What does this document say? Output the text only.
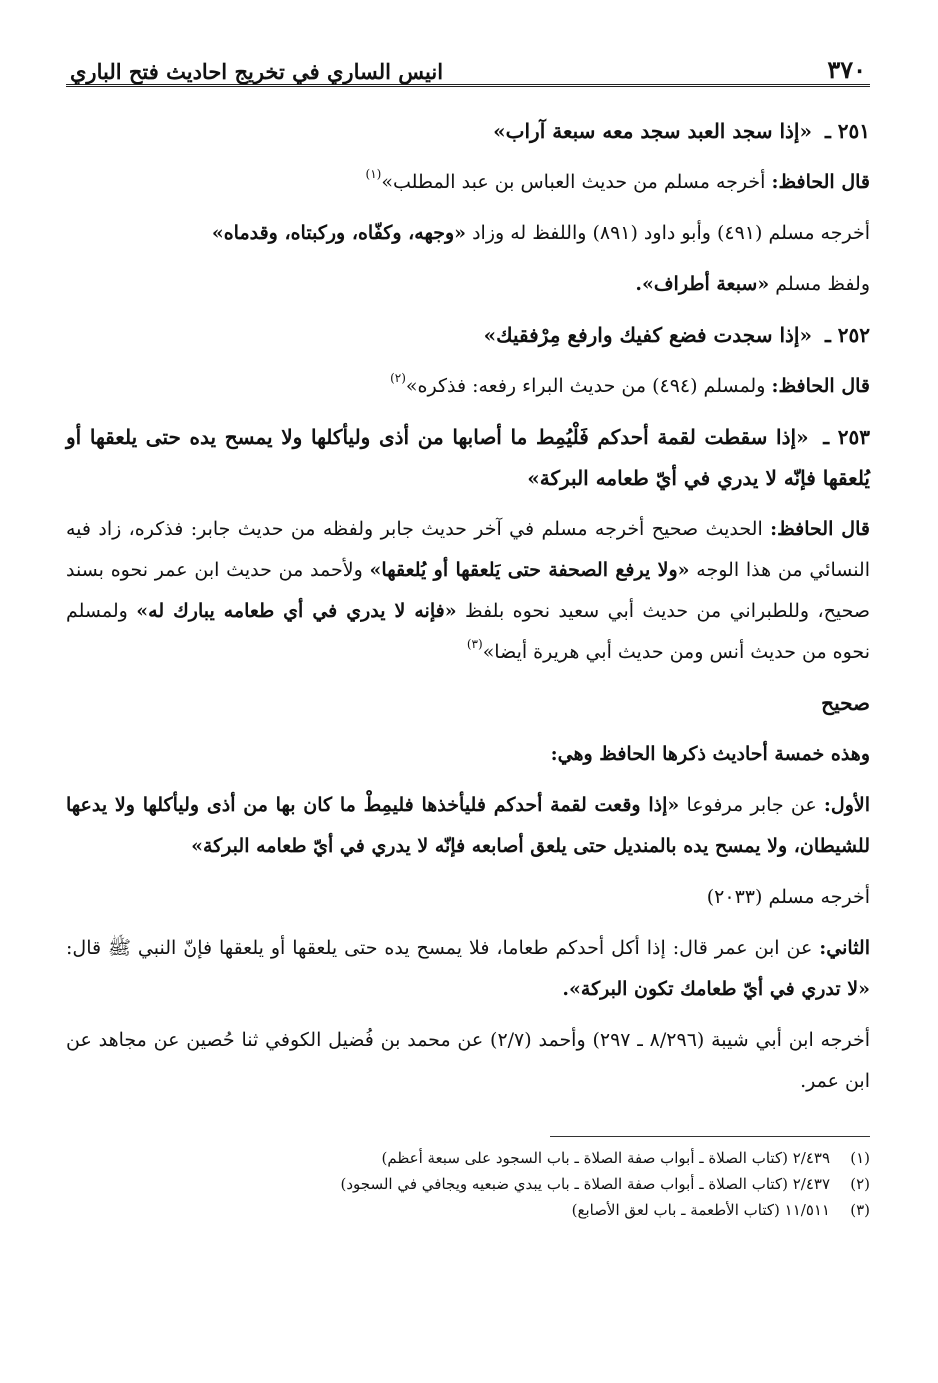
٣٧٠
انيس الساري في تخريج احاديث فتح الباري

٢٥١ ـ «إذا سجد العبد سجد معه سبعة آراب»

قال الحافظ: أخرجه مسلم من حديث العباس بن عبد المطلب»$^{(١)}$

أخرجه مسلم (٤٩١) وأبو داود (٨٩١) واللفظ له وزاد «وجهه، وكفّاه، وركبتاه، وقدماه»

ولفظ مسلم «سبعة أطراف».

٢٥٢ ـ «إذا سجدت فضع كفيك وارفع مِرْفقيك»

قال الحافظ: ولمسلم (٤٩٤) من حديث البراء رفعه: فذكره»$^{(٢)}$

٢٥٣ ـ «إذا سقطت لقمة أحدكم فَلْيُمِط ما أصابها من أذى وليأكلها ولا يمسح يده حتى يلعقها أو يُلعقها فإنّه لا يدري في أيّ طعامه البركة»

قال الحافظ: الحديث صحيح أخرجه مسلم في آخر حديث جابر ولفظه من حديث جابر: فذكره، زاد فيه النسائي من هذا الوجه «ولا يرفع الصحفة حتى يَلعقها أو يُلعقها» ولأحمد من حديث ابن عمر نحوه بسند صحيح، وللطبراني من حديث أبي سعيد نحوه بلفظ «فإنه لا يدري في أي طعامه يبارك له» ولمسلم نحوه من حديث أنس ومن حديث أبي هريرة أيضا»$^{(٣)}$

صحيح

وهذه خمسة أحاديث ذكرها الحافظ وهي:

الأول: عن جابر مرفوعا «إذا وقعت لقمة أحدكم فليأخذها فليمِطْ ما كان بها من أذى وليأكلها ولا يدعها للشيطان، ولا يمسح يده بالمنديل حتى يلعق أصابعه فإنّه لا يدري في أيّ طعامه البركة»

أخرجه مسلم (٢٠٣٣)

الثاني: عن ابن عمر قال: إذا أكل أحدكم طعاما، فلا يمسح يده حتى يلعقها أو يلعقها فإنّ النبي ﷺ قال: «لا تدري في أيّ طعامك تكون البركة».

أخرجه ابن أبي شيبة (٨/٢٩٦ ـ ٢٩٧) وأحمد (٢/٧) عن محمد بن فُضيل الكوفي ثنا حُصين عن مجاهد عن ابن عمر.

(١)
٢/٤٣٩ (كتاب الصلاة ـ أبواب صفة الصلاة ـ باب السجود على سبعة أعظم)
(٢)
٢/٤٣٧ (كتاب الصلاة ـ أبواب صفة الصلاة ـ باب يبدي ضبعيه ويجافي في السجود)
(٣)
١١/٥١١ (كتاب الأطعمة ـ باب لعق الأصابع)
